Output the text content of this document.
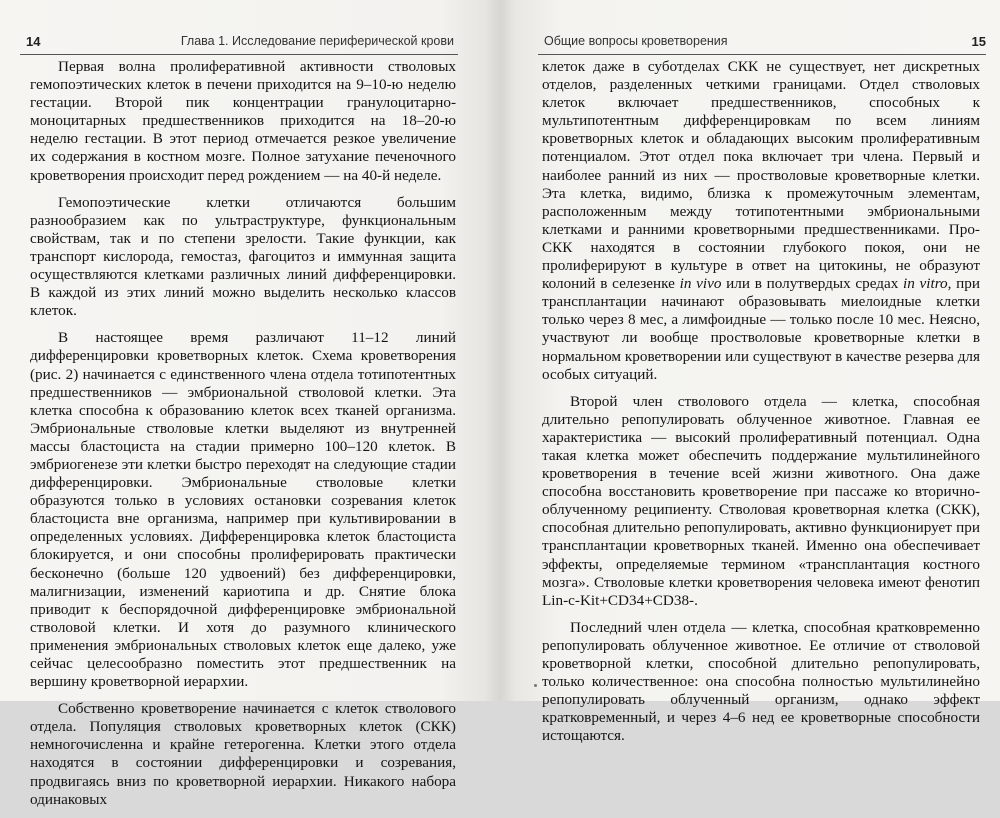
14	Глава 1. Исследование периферической крови

Первая волна пролиферативной активности стволовых гемопоэтических клеток в печени приходится на 9–10-ю неделю гестации. Второй пик концентрации гранулоцитарно-моноцитарных предшественников приходится на 18–20-ю неделю гестации. В этот период отмечается резкое увеличение их содержания в костном мозге. Полное затухание печеночного кроветворения происходит перед рождением — на 40-й неделе.

Гемопоэтические клетки отличаются большим разнообразием как по ультраструктуре, функциональным свойствам, так и по степени зрелости. Такие функции, как транспорт кислорода, гемостаз, фагоцитоз и иммунная защита осуществляются клетками различных линий дифференцировки. В каждой из этих линий можно выделить несколько классов клеток.

В настоящее время различают 11–12 линий дифференцировки кроветворных клеток. Схема кроветворения (рис. 2) начинается с единственного члена отдела тотипотентных предшественников — эмбриональной стволовой клетки. Эта клетка способна к образованию клеток всех тканей организма. Эмбриональные стволовые клетки выделяют из внутренней массы бластоциста на стадии примерно 100–120 клеток. В эмбриогенезе эти клетки быстро переходят на следующие стадии дифференцировки. Эмбриональные стволовые клетки образуются только в условиях остановки созревания клеток бластоциста вне организма, например при культивировании в определенных условиях. Дифференцировка клеток бластоциста блокируется, и они способны пролиферировать практически бесконечно (больше 120 удвоений) без дифференцировки, малигнизации, изменений кариотипа и др. Снятие блока приводит к беспорядочной дифференцировке эмбриональной стволовой клетки. И хотя до разумного клинического применения эмбриональных стволовых клеток еще далеко, уже сейчас целесообразно поместить этот предшественник на вершину кроветворной иерархии.

Собственно кроветворение начинается с клеток стволового отдела. Популяция стволовых кроветворных клеток (СКК) немногочисленна и крайне гетерогенна. Клетки этого отдела находятся в состоянии дифференцировки и созревания, продвигаясь вниз по кроветворной иерархии. Никакого набора одинаковых

Общие вопросы кроветворения	15

клеток даже в суботделах СКК не существует, нет дискретных отделов, разделенных четкими границами. Отдел стволовых клеток включает предшественников, способных к мультипотентным дифференцировкам по всем линиям кроветворных клеток и обладающих высоким пролиферативным потенциалом. Этот отдел пока включает три члена. Первый и наиболее ранний из них — простволовые кроветворные клетки. Эта клетка, видимо, близка к промежуточным элементам, расположенным между тотипотентными эмбриональными клетками и ранними кроветворными предшественниками. Про-СКК находятся в состоянии глубокого покоя, они не пролиферируют в культуре в ответ на цитокины, не образуют колоний в селезенке in vivo или в полутвердых средах in vitro, при трансплантации начинают образовывать миелоидные клетки только через 8 мес, а лимфоидные — только после 10 мес. Неясно, участвуют ли вообще простволовые кроветворные клетки в нормальном кроветворении или существуют в качестве резерва для особых ситуаций.

Второй член стволового отдела — клетка, способная длительно репопулировать облученное животное. Главная ее характеристика — высокий пролиферативный потенциал. Одна такая клетка может обеспечить поддержание мультилинейного кроветворения в течение всей жизни животного. Она даже способна восстановить кроветворение при пассаже ко вторично-облученному реципиенту. Стволовая кроветворная клетка (СКК), способная длительно репопулировать, активно функционирует при трансплантации кроветворных тканей. Именно она обеспечивает эффекты, определяемые термином «трансплантация костного мозга». Стволовые клетки кроветворения человека имеют фенотип Lin-c-Kit+CD34+CD38-.

Последний член отдела — клетка, способная кратковременно репопулировать облученное животное. Ее отличие от стволовой кроветворной клетки, способной длительно репопулировать, только количественное: она способна полностью мультилинейно репопулировать облученный организм, однако эффект кратковременный, и через 4–6 нед ее кроветворные способности истощаются.
